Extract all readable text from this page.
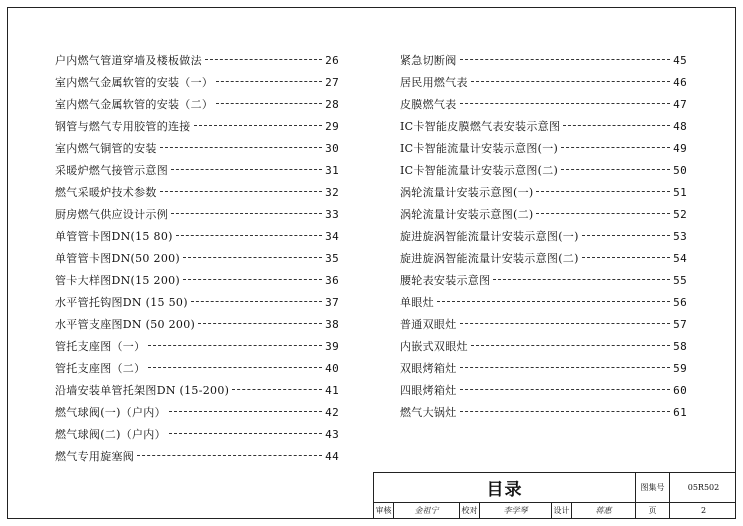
户内燃气管道穿墙及楼板做法	26
室内燃气金属软管的安装（一）	27
室内燃气金属软管的安装（二）	28
钢管与燃气专用胶管的连接	29
室内燃气铜管的安装	30
采暖炉燃气接管示意图	31
燃气采暖炉技术参数	32
厨房燃气供应设计示例	33
单管管卡图DN(15 80)	34
单管管卡图DN(50 200)	35
管卡大样图DN(15 200)	36
水平管托钩图DN (15 50)	37
水平管支座图DN (50 200)	38
管托支座图（一）	39
管托支座图（二）	40
沿墙安装单管托架图DN (15-200)	41
燃气球阀(一)（户内）	42
燃气球阀(二)（户内）	43
燃气专用旋塞阀	44
紧急切断阀	45
居民用燃气表	46
皮膜燃气表	47
IC卡智能皮膜燃气表安装示意图	48
IC卡智能流量计安装示意图(一)	49
IC卡智能流量计安装示意图(二)	50
涡轮流量计安装示意图(一)	51
涡轮流量计安装示意图(二)	52
旋进旋涡智能流量计安装示意图(一)	53
旋进旋涡智能流量计安装示意图(二)	54
腰轮表安装示意图	55
单眼灶	56
普通双眼灶	57
内嵌式双眼灶	58
双眼烤箱灶	59
四眼烤箱灶	60
燃气大锅灶	61
目录	图集号	05R502
审核	金祖宁	校对	李学琴	设计	蒋惠	页	2
